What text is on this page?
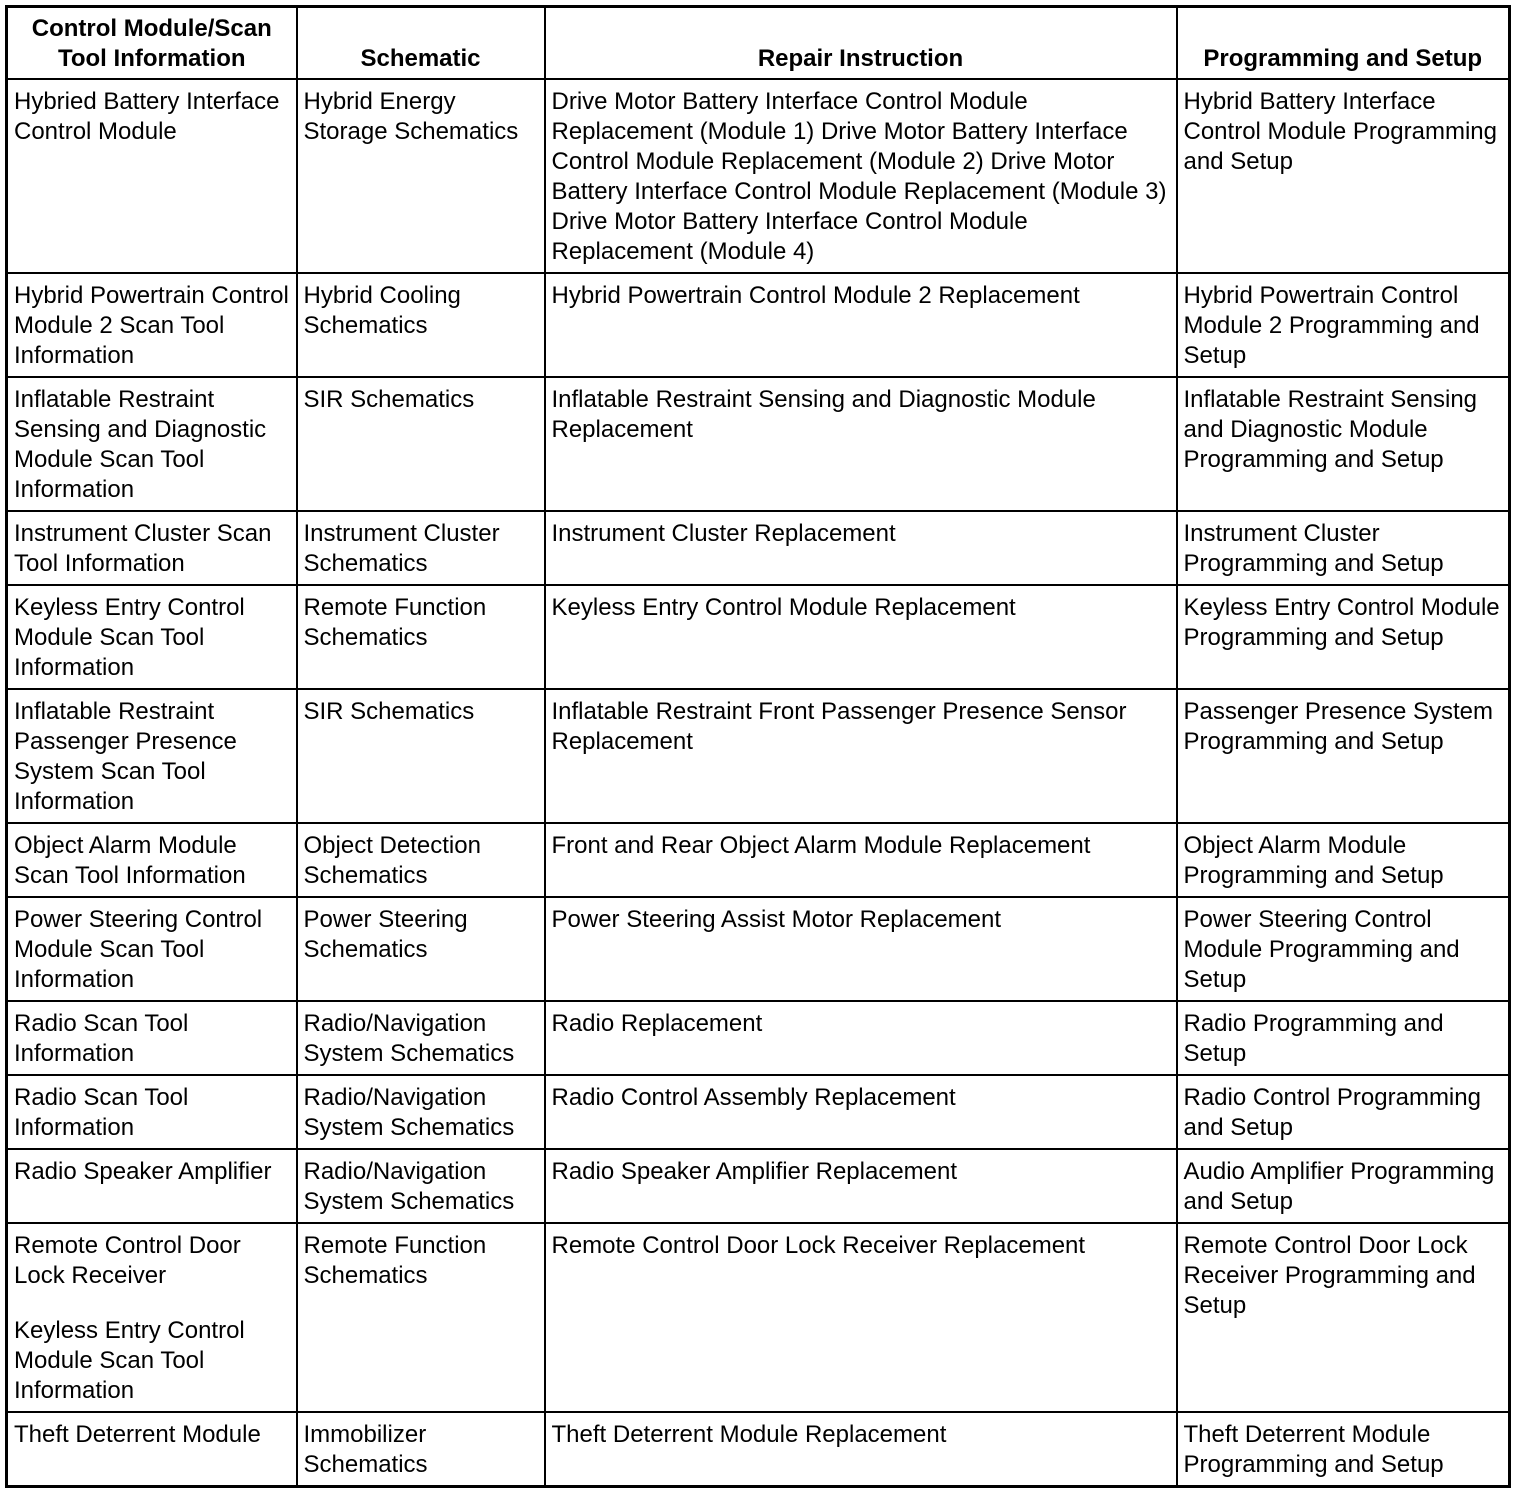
Control Module/Scan Tool Information	Schematic	Repair Instruction	Programming and Setup

Hybried Battery Interface Control Module	Hybrid Energy Storage Schematics	Drive Motor Battery Interface Control Module Replacement (Module 1) Drive Motor Battery Interface Control Module Replacement (Module 2) Drive Motor Battery Interface Control Module Replacement (Module 3) Drive Motor Battery Interface Control Module Replacement (Module 4)	Hybrid Battery Interface Control Module Programming and Setup

Hybrid Powertrain Control Module 2 Scan Tool Information	Hybrid Cooling Schematics	Hybrid Powertrain Control Module 2 Replacement	Hybrid Powertrain Control Module 2 Programming and Setup

Inflatable Restraint Sensing and Diagnostic Module Scan Tool Information	SIR Schematics	Inflatable Restraint Sensing and Diagnostic Module Replacement	Inflatable Restraint Sensing and Diagnostic Module Programming and Setup

Instrument Cluster Scan Tool Information	Instrument Cluster Schematics	Instrument Cluster Replacement	Instrument Cluster Programming and Setup

Keyless Entry Control Module Scan Tool Information	Remote Function Schematics	Keyless Entry Control Module Replacement	Keyless Entry Control Module Programming and Setup

Inflatable Restraint Passenger Presence System Scan Tool Information	SIR Schematics	Inflatable Restraint Front Passenger Presence Sensor Replacement	Passenger Presence System Programming and Setup

Object Alarm Module Scan Tool Information	Object Detection Schematics	Front and Rear Object Alarm Module Replacement	Object Alarm Module Programming and Setup

Power Steering Control Module Scan Tool Information	Power Steering Schematics	Power Steering Assist Motor Replacement	Power Steering Control Module Programming and Setup

Radio Scan Tool Information	Radio/Navigation System Schematics	Radio Replacement	Radio Programming and Setup

Radio Scan Tool Information	Radio/Navigation System Schematics	Radio Control Assembly Replacement	Radio Control Programming and Setup

Radio Speaker Amplifier	Radio/Navigation System Schematics	Radio Speaker Amplifier Replacement	Audio Amplifier Programming and Setup

Remote Control Door Lock Receiver
Keyless Entry Control Module Scan Tool Information	Remote Function Schematics	Remote Control Door Lock Receiver Replacement	Remote Control Door Lock Receiver Programming and Setup

Theft Deterrent Module	Immobilizer Schematics	Theft Deterrent Module Replacement	Theft Deterrent Module Programming and Setup
